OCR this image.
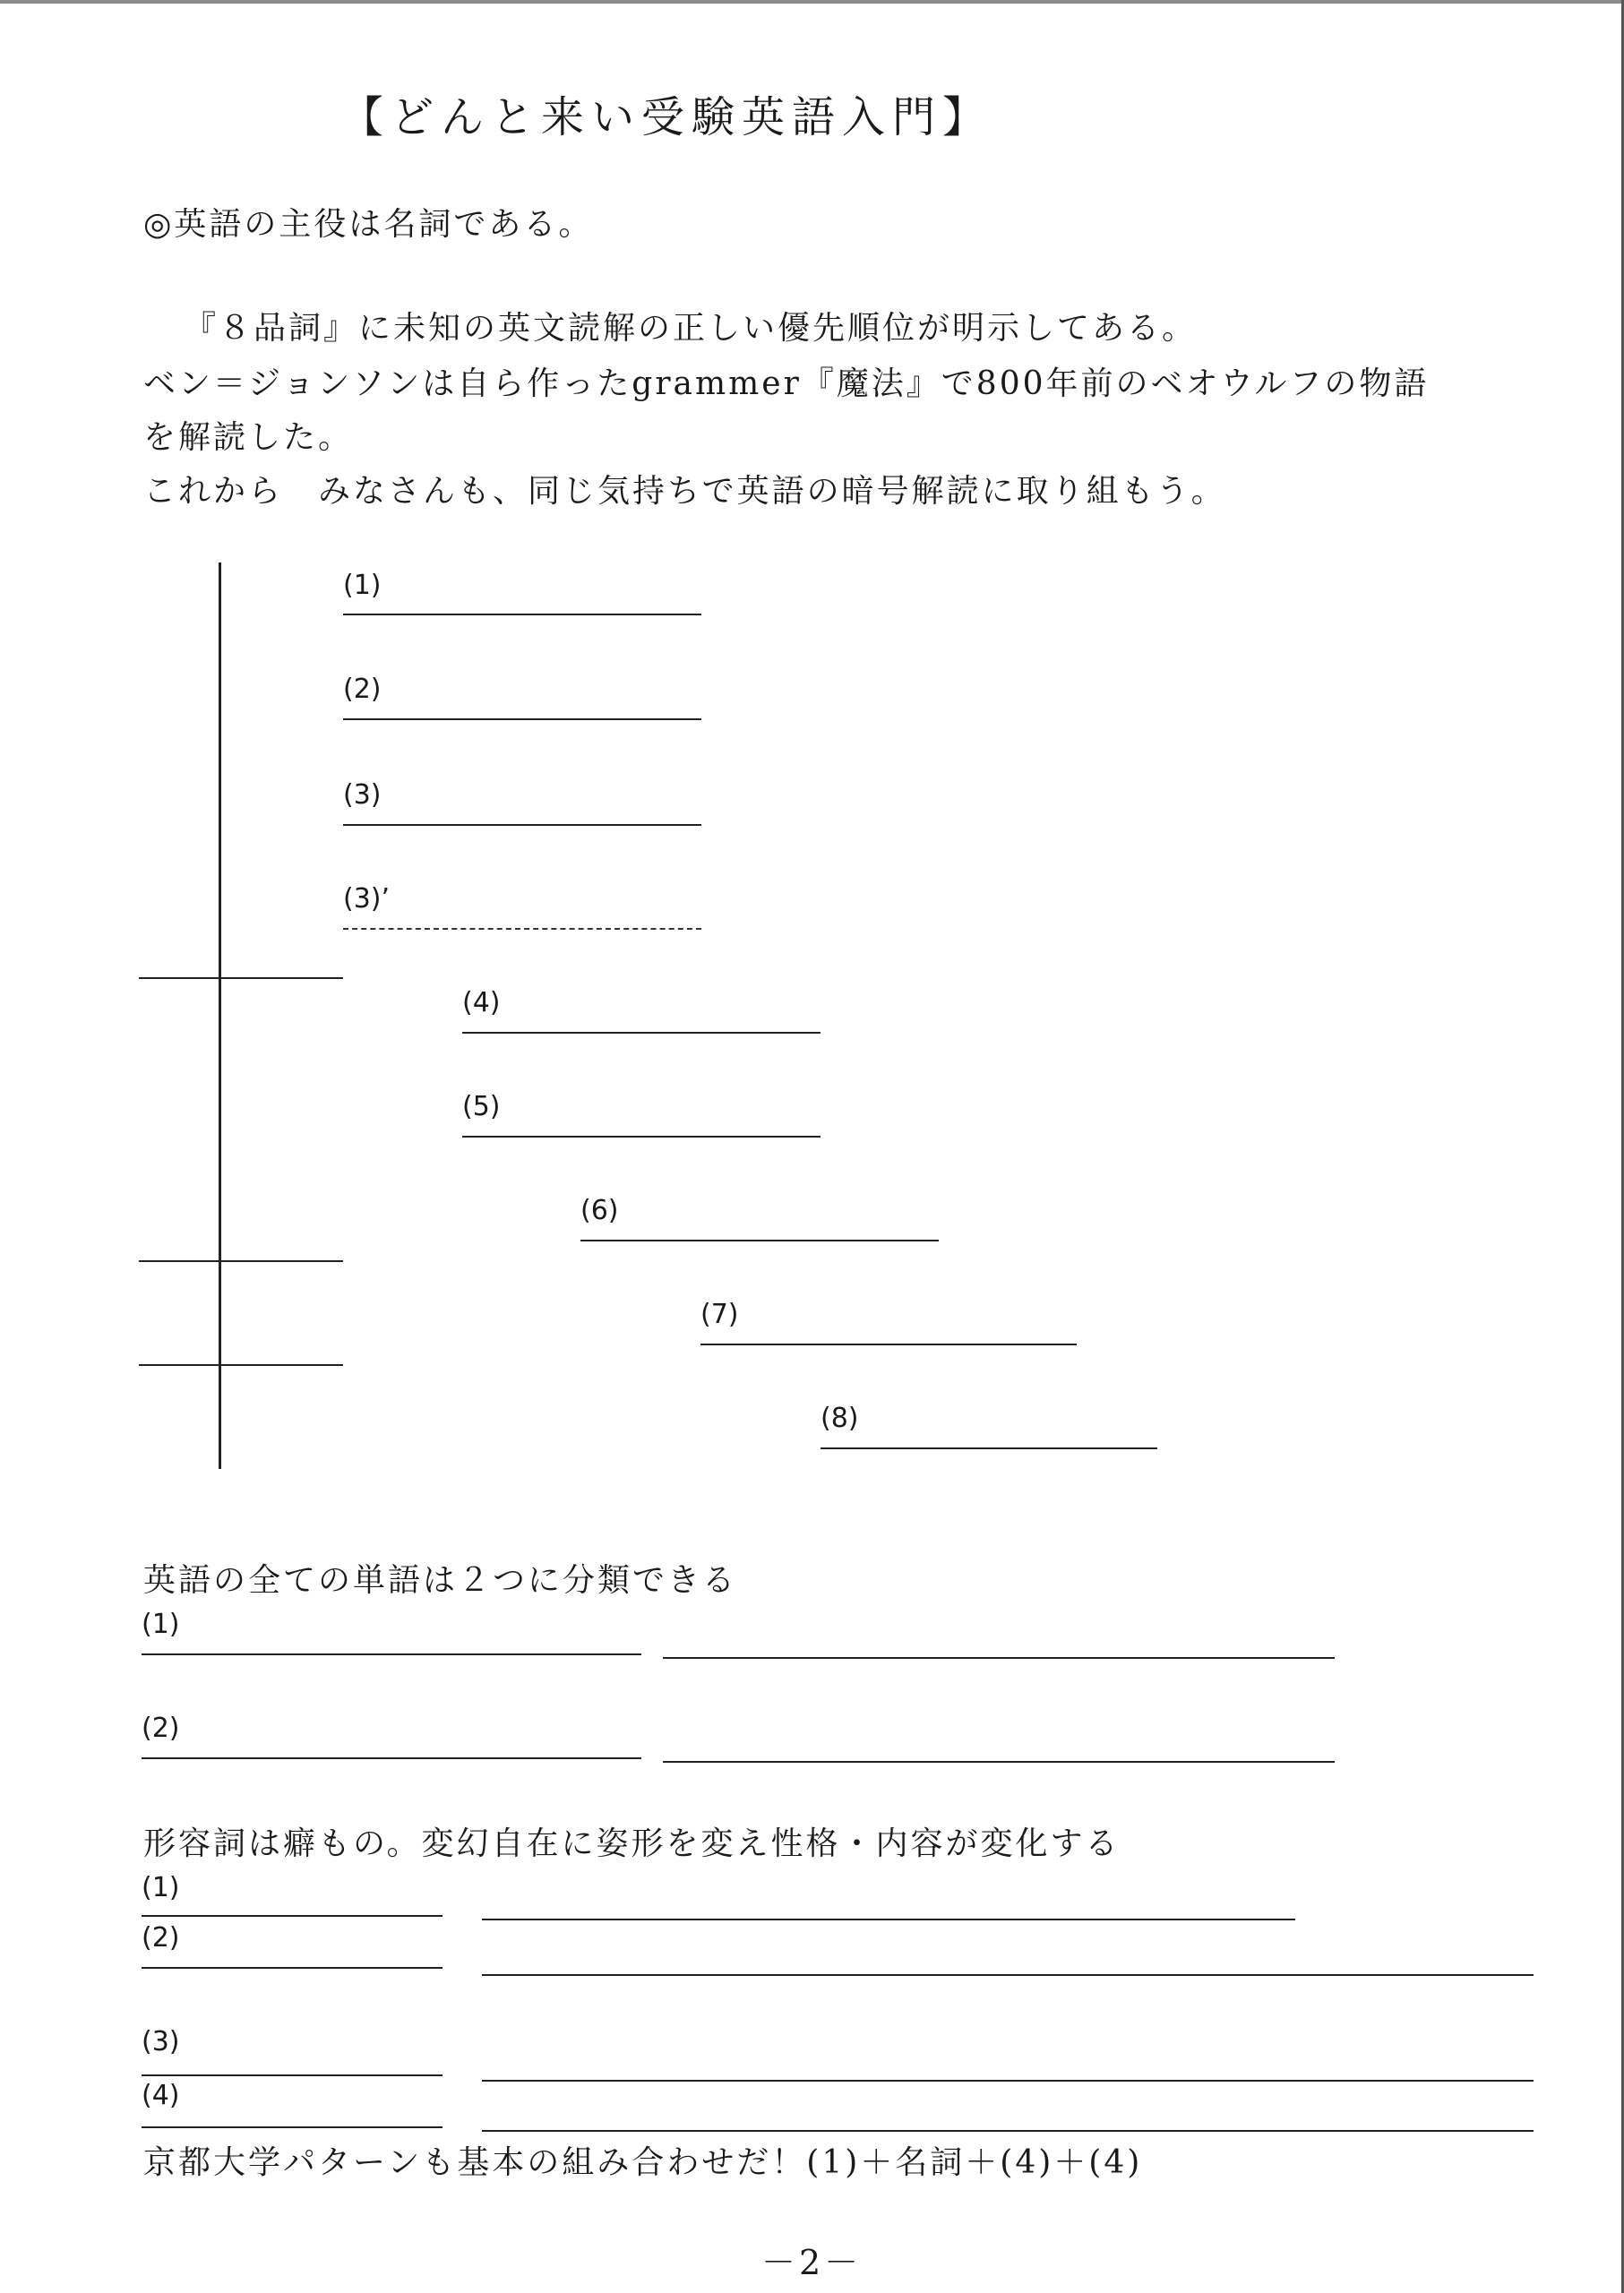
【どんと来い受験英語入門】
◎英語の主役は名詞である。
『８品詞』に未知の英文読解の正しい優先順位が明示してある。
ベン＝ジョンソンは自ら作ったgrammer『魔法』で800年前のベオウルフの物語
を解読した。
これから　みなさんも、同じ気持ちで英語の暗号解読に取り組もう。
(1)
(2)
(3)
(3)’
(4)
(5)
(6)
(7)
(8)
英語の全ての単語は２つに分類できる
(1)
(2)
形容詞は癖もの。変幻自在に姿形を変え性格・内容が変化する
(1)
(2)
(3)
(4)
京都大学パターンも基本の組み合わせだ！(1)＋名詞＋(4)＋(4)
－2－
